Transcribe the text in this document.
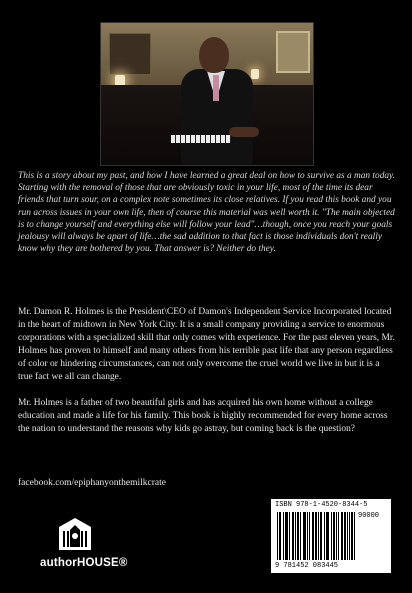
This is a story about my past, and how I have learned a great deal on how to survive as a man today. Starting with the removal of those that are obviously toxic in your life, most of the time its dear friends that turn sour, on a complex note sometimes its close relatives. If you read this book and you run across issues in your own life, then of course this material was well worth it. "The main objected is to change yourself and everything else will follow your lead"…though, once you reach your goals jealousy will always be apart of life…the sad addition to that fact is those individuals don't really know why they are bothered by you. That answer is? Neither do they.

Mr. Damon R. Holmes is the President\CEO of Damon's Independent Service Incorporated located in the heart of midtown in New York City. It is a small company providing a service to enormous corporations with a specialized skill that only comes with experience. For the past eleven years, Mr. Holmes has proven to himself and many others from his terrible past life that any person regardless of color or hindering circumstances, can not only overcome the cruel world we live in but it is a true fact we all can change.

Mr. Holmes is a father of two beautiful girls and has acquired his own home without a college education and made a life for his family. This book is highly recommended for every home across the nation to understand the reasons why kids go astray, but coming back is the question?

facebook.com/epiphanyonthemilkcrate
authorHOUSE®
ISBN 978-1-4520-8344-5
90000
9 781452 083445
